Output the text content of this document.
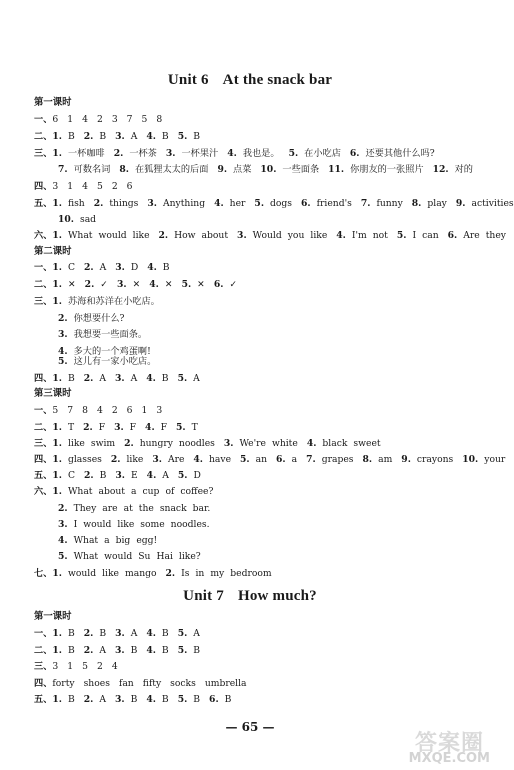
Unit 6 At the snack bar
第一课时
一、6 1 4 2 3 7 5 8
二、1. B 2. B 3. A 4. B 5. B
三、1. 一杯咖啡 2. 一杯茶 3. 一杯果汁 4. 我也是。 5. 在小吃店 6. 还要其他什么吗?
7. 可数名词 8. 在狐狸太太的后面 9. 点菜 10. 一些面条 11. 你朋友的一张照片 12. 对的
四、3 1 4 5 2 6
五、1. fish 2. things 3. Anything 4. her 5. dogs 6. friend's 7. funny 8. play 9. activities
10. sad
六、1. What would like 2. How about 3. Would you like 4. I'm not 5. I can 6. Are they
第二课时
一、1. C 2. A 3. D 4. B
二、1. ✕ 2. ✓ 3. ✕ 4. ✕ 5. ✕ 6. ✓
三、1. 苏海和苏洋在小吃店。
2. 你想要什么?
3. 我想要一些面条。
4. 多大的一个鸡蛋啊!
5. 这儿有一家小吃店。
四、1. B 2. A 3. A 4. B 5. A
第三课时
一、5 7 8 4 2 6 1 3
二、1. T 2. F 3. F 4. F 5. T
三、1. like swim 2. hungry noodles 3. We're white 4. black sweet
四、1. glasses 2. like 3. Are 4. have 5. an 6. a 7. grapes 8. am 9. crayons 10. your
五、1. C 2. B 3. E 4. A 5. D
六、1. What about a cup of coffee?
2. They are at the snack bar.
3. I would like some noodles.
4. What a big egg!
5. What would Su Hai like?
七、1. would like mango 2. Is in my bedroom
Unit 7 How much?
第一课时
一、1. B 2. B 3. A 4. B 5. A
二、1. B 2. A 3. B 4. B 5. B
三、3 1 5 2 4
四、forty shoes fan fifty socks umbrella
五、1. B 2. A 3. B 4. B 5. B 6. B
— 65 —
答案圈
MXQE.COM
